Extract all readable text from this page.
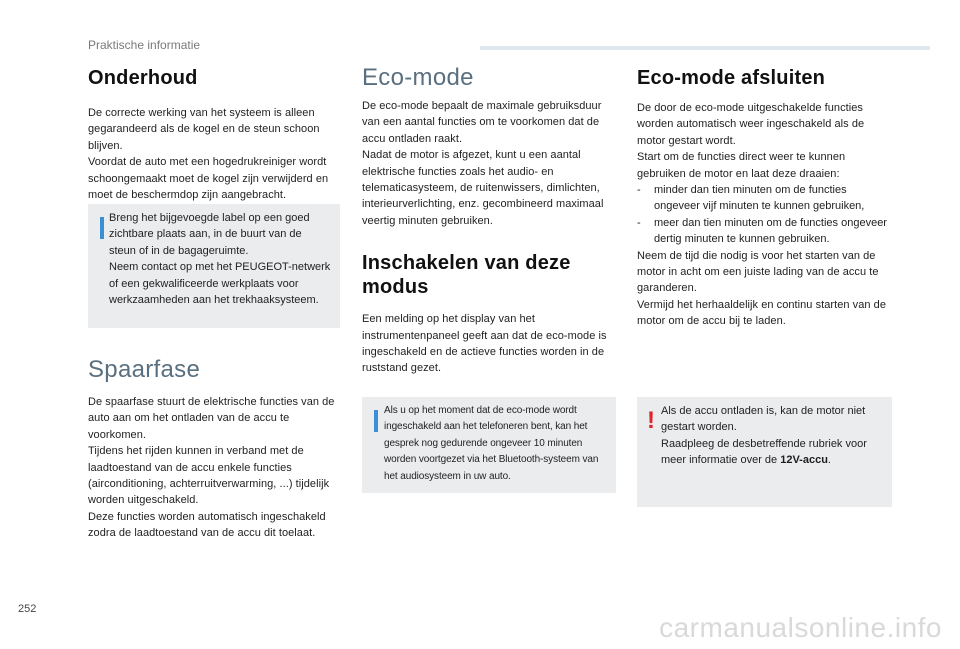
Praktische informatie
Onderhoud

De correcte werking van het systeem is alleen gegarandeerd als de kogel en de steun schoon blijven.
Voordat de auto met een hogedrukreiniger wordt schoongemaakt moet de kogel zijn verwijderd en moet de beschermdop zijn aangebracht.

Breng het bijgevoegde label op een goed zichtbare plaats aan, in de buurt van de steun of in de bagageruimte.
Neem contact op met het PEUGEOT-netwerk of een gekwalificeerde werkplaats voor werkzaamheden aan het trekhaaksysteem.
Spaarfase

De spaarfase stuurt de elektrische functies van de auto aan om het ontladen van de accu te voorkomen.
Tijdens het rijden kunnen in verband met de laadtoestand van de accu enkele functies (airconditioning, achterruitverwarming, ...) tijdelijk worden uitgeschakeld.
Deze functies worden automatisch ingeschakeld zodra de laadtoestand van de accu dit toelaat.

Eco-mode

De eco-mode bepaalt de maximale gebruiksduur van een aantal functies om te voorkomen dat de accu ontladen raakt.
Nadat de motor is afgezet, kunt u een aantal elektrische functies zoals het audio- en telematicasysteem, de ruitenwissers, dimlichten, interieurverlichting, enz. gecombineerd maximaal veertig minuten gebruiken.

Inschakelen van deze modus

Een melding op het display van het instrumentenpaneel geeft aan dat de eco-mode is ingeschakeld en de actieve functies worden in de ruststand gezet.

Als u op het moment dat de eco-mode wordt ingeschakeld aan het telefoneren bent, kan het gesprek nog gedurende ongeveer 10 minuten worden voortgezet via het Bluetooth-systeem van het audiosysteem in uw auto.
Eco-mode afsluiten

De door de eco-mode uitgeschakelde functies worden automatisch weer ingeschakeld als de motor gestart wordt.
Start om de functies direct weer te kunnen gebruiken de motor en laat deze draaien:

-	minder dan tien minuten om de functies ongeveer vijf minuten te kunnen gebruiken,
-	meer dan tien minuten om de functies ongeveer dertig minuten te kunnen gebruiken.

Neem de tijd die nodig is voor het starten van de motor in acht om een juiste lading van de accu te garanderen.
Vermijd het herhaaldelijk en continu starten van de motor om de accu bij te laden.

! Als de accu ontladen is, kan de motor niet gestart worden.
Raadpleeg de desbetreffende rubriek voor meer informatie over de 12V-accu.
252
carmanualsonline.info
